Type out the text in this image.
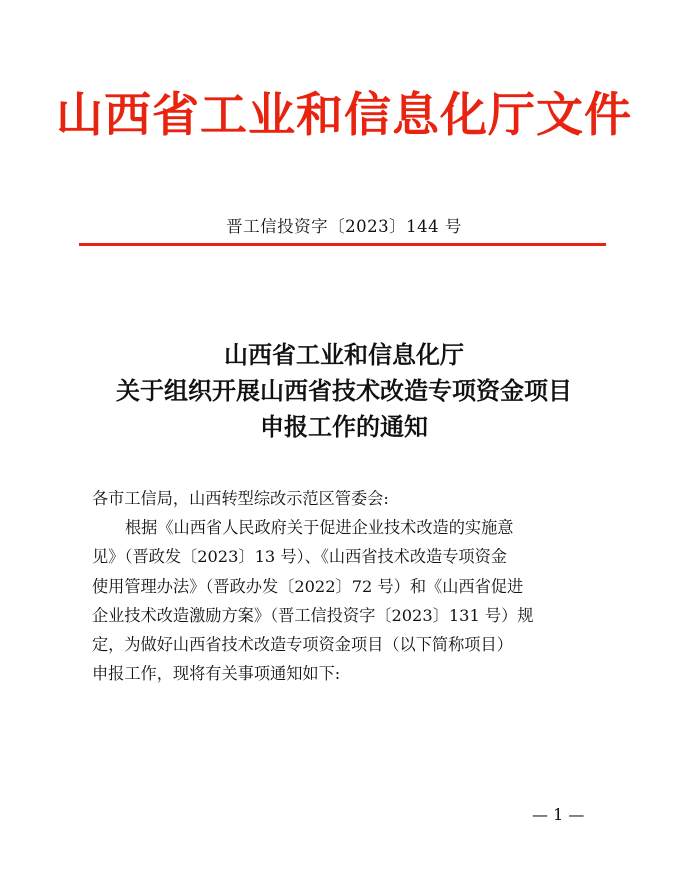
山西省工业和信息化厅文件
晋工信投资字〔2023〕144 号
山西省工业和信息化厅
关于组织开展山西省技术改造专项资金项目
申报工作的通知
各市工信局，山西转型综改示范区管委会:
根据《山西省人民政府关于促进企业技术改造的实施意
见》（晋政发〔2023〕13 号）、《山西省技术改造专项资金
使用管理办法》（晋政办发〔2022〕72 号）和《山西省促进
企业技术改造激励方案》（晋工信投资字〔2023〕131 号）规
定，为做好山西省技术改造专项资金项目（以下简称项目）
申报工作，现将有关事项通知如下:
— 1 —
